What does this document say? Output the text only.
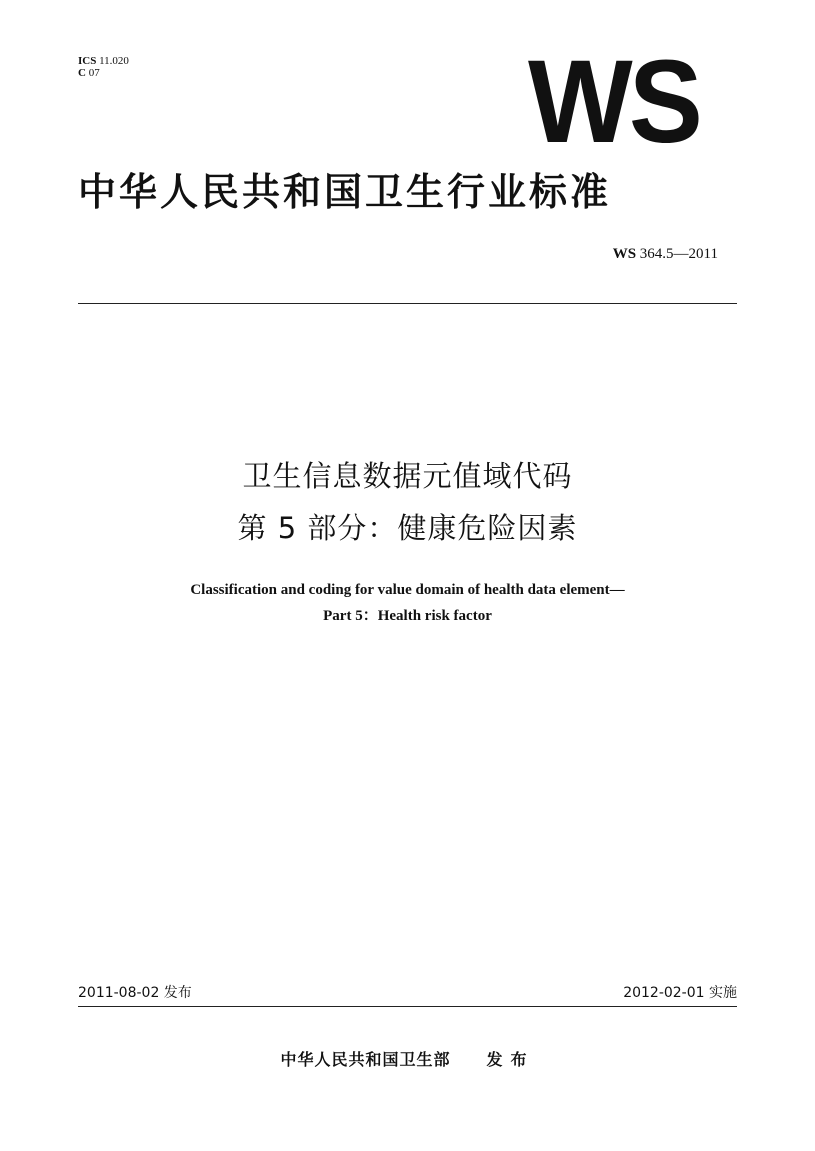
ICS 11.020
C 07	WS
中华人民共和国卫生行业标准
WS 364.5—2011
卫生信息数据元值域代码
第 5 部分：健康危险因素
Classification and coding for value domain of health data element—
Part 5：Health risk factor
2011-08-02 发布	2012-02-01 实施
中华人民共和国卫生部 发布
